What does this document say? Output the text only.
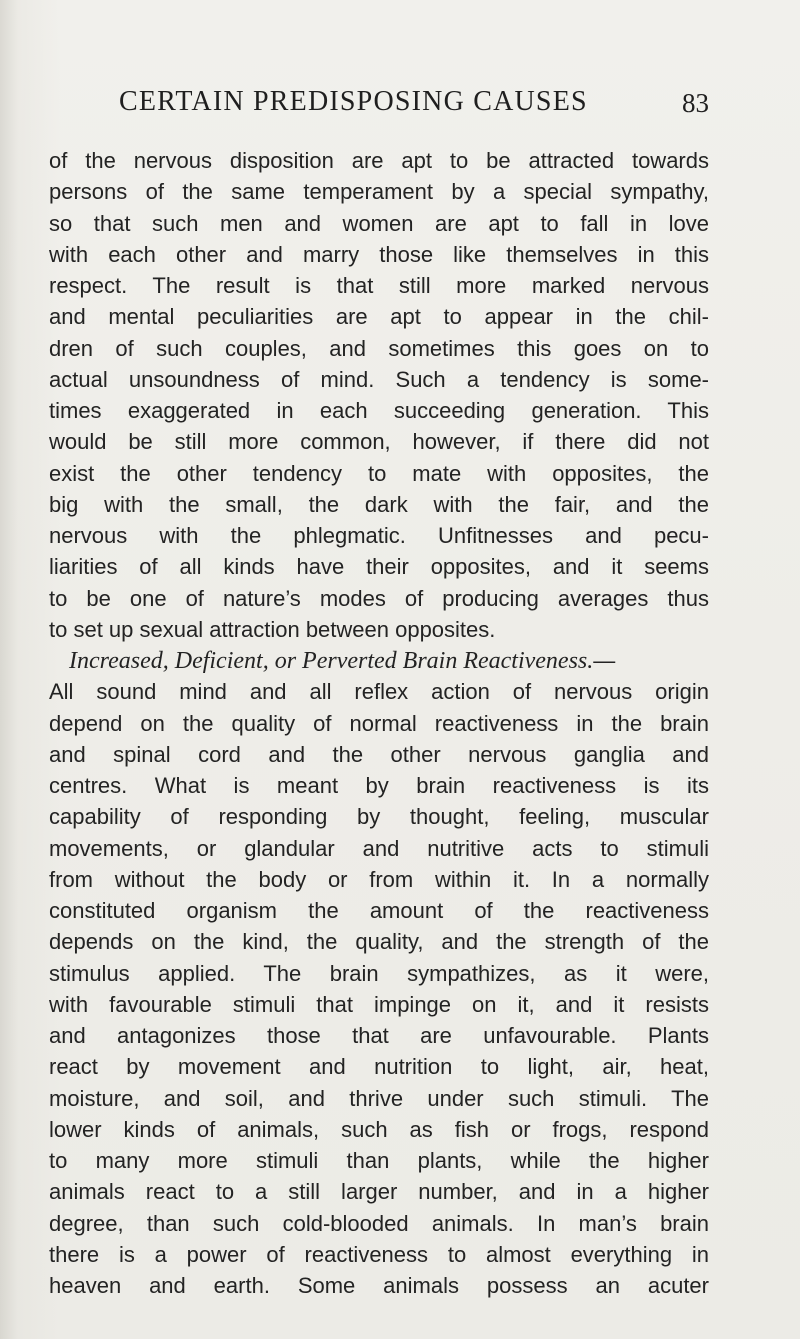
CERTAIN PREDISPOSING CAUSES	83
of the nervous disposition are apt to be attracted towards
persons of the same temperament by a special sympathy,
so that such men and women are apt to fall in love
with each other and marry those like themselves in this
respect. The result is that still more marked nervous
and mental peculiarities are apt to appear in the chil-
dren of such couples, and sometimes this goes on to
actual unsoundness of mind. Such a tendency is some-
times exaggerated in each succeeding generation. This
would be still more common, however, if there did not
exist the other tendency to mate with opposites, the
big with the small, the dark with the fair, and the
nervous with the phlegmatic. Unfitnesses and pecu-
liarities of all kinds have their opposites, and it seems
to be one of nature’s modes of producing averages thus
to set up sexual attraction between opposites.
Increased, Deficient, or Perverted Brain Reactiveness.—
All sound mind and all reflex action of nervous origin
depend on the quality of normal reactiveness in the brain
and spinal cord and the other nervous ganglia and
centres. What is meant by brain reactiveness is its
capability of responding by thought, feeling, muscular
movements, or glandular and nutritive acts to stimuli
from without the body or from within it. In a normally
constituted organism the amount of the reactiveness
depends on the kind, the quality, and the strength of the
stimulus applied. The brain sympathizes, as it were,
with favourable stimuli that impinge on it, and it resists
and antagonizes those that are unfavourable. Plants
react by movement and nutrition to light, air, heat,
moisture, and soil, and thrive under such stimuli. The
lower kinds of animals, such as fish or frogs, respond
to many more stimuli than plants, while the higher
animals react to a still larger number, and in a higher
degree, than such cold-blooded animals. In man’s brain
there is a power of reactiveness to almost everything in
heaven and earth. Some animals possess an acuter
